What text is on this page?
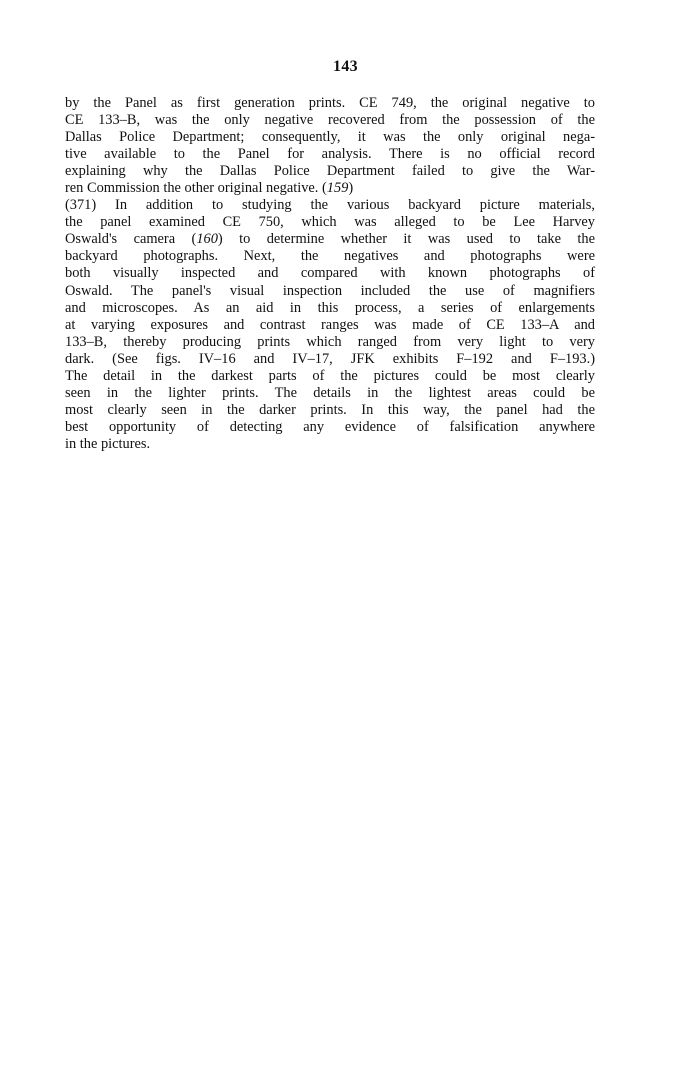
143
by the Panel as first generation prints. CE 749, the original negative to
CE 133–B, was the only negative recovered from the possession of the
Dallas Police Department; consequently, it was the only original nega-
tive available to the Panel for analysis. There is no official record
explaining why the Dallas Police Department failed to give the War-
ren Commission the other original negative. (159)
(371) In addition to studying the various backyard picture materials,
the panel examined CE 750, which was alleged to be Lee Harvey
Oswald's camera (160) to determine whether it was used to take the
backyard photographs. Next, the negatives and photographs were
both visually inspected and compared with known photographs of
Oswald. The panel's visual inspection included the use of magnifiers
and microscopes. As an aid in this process, a series of enlargements
at varying exposures and contrast ranges was made of CE 133–A and
133–B, thereby producing prints which ranged from very light to very
dark. (See figs. IV–16 and IV–17, JFK exhibits F–192 and F–193.)
The detail in the darkest parts of the pictures could be most clearly
seen in the lighter prints. The details in the lightest areas could be
most clearly seen in the darker prints. In this way, the panel had the
best opportunity of detecting any evidence of falsification anywhere
in the pictures.
